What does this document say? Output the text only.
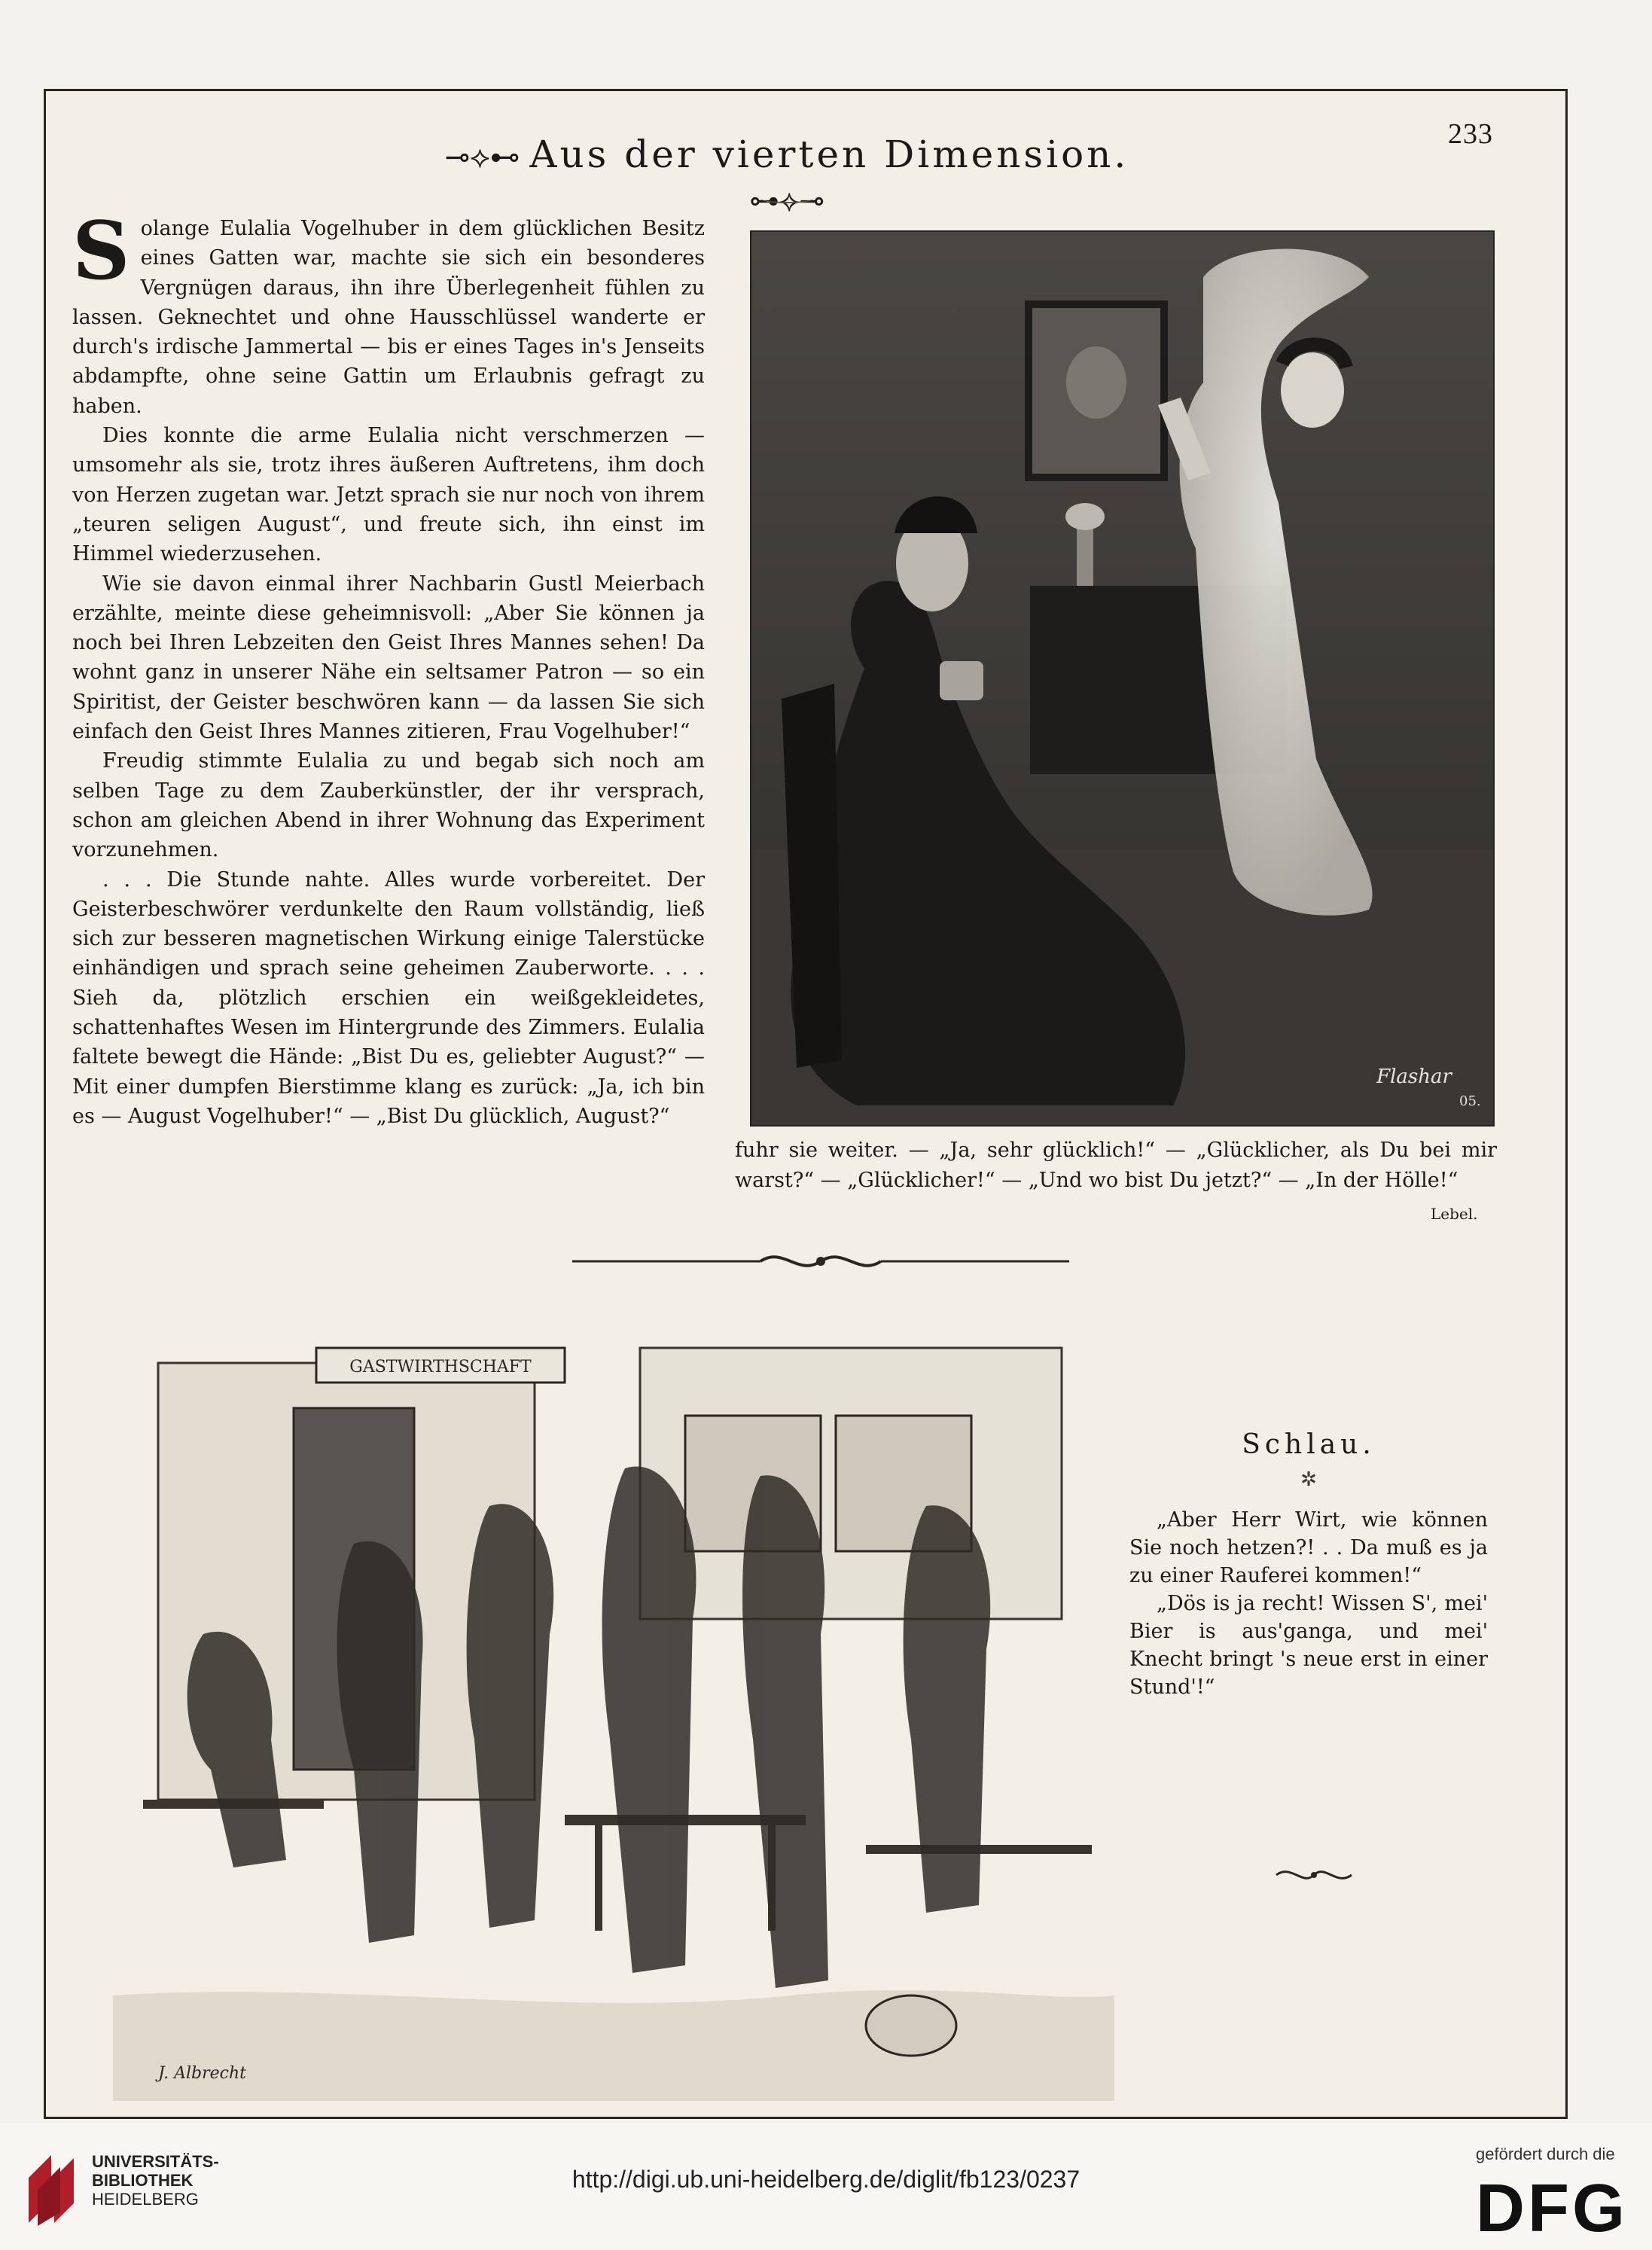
233
⊸⟡⊷ Aus der vierten Dimension. ⊶⟡⊸

Solange Eulalia Vogelhuber in dem glücklichen Besitz eines Gatten war, machte sie sich ein besonderes Vergnügen daraus, ihn ihre Überlegenheit fühlen zu lassen. Geknechtet und ohne Hausschlüssel wanderte er durch's irdische Jammertal — bis er eines Tages in's Jenseits abdampfte, ohne seine Gattin um Erlaubnis gefragt zu haben.

Dies konnte die arme Eulalia nicht verschmerzen — umsomehr als sie, trotz ihres äußeren Auftretens, ihm doch von Herzen zugetan war. Jetzt sprach sie nur noch von ihrem „teuren seligen August“, und freute sich, ihn einst im Himmel wiederzusehen.

Wie sie davon einmal ihrer Nachbarin Gustl Meierbach erzählte, meinte diese geheimnisvoll: „Aber Sie können ja noch bei Ihren Lebzeiten den Geist Ihres Mannes sehen! Da wohnt ganz in unserer Nähe ein seltsamer Patron — so ein Spiritist, der Geister beschwören kann — da lassen Sie sich einfach den Geist Ihres Mannes zitieren, Frau Vogelhuber!“

Freudig stimmte Eulalia zu und begab sich noch am selben Tage zu dem Zauberkünstler, der ihr versprach, schon am gleichen Abend in ihrer Wohnung das Experiment vorzunehmen.

. . . Die Stunde nahte. Alles wurde vorbereitet. Der Geisterbeschwörer verdunkelte den Raum vollständig, ließ sich zur besseren magnetischen Wirkung einige Talerstücke einhändigen und sprach seine geheimen Zauberworte. . . . Sieh da, plötzlich erschien ein weißgekleidetes, schattenhaftes Wesen im Hintergrunde des Zimmers. Eulalia faltete bewegt die Hände: „Bist Du es, geliebter August?“ — Mit einer dumpfen Bierstimme klang es zurück: „Ja, ich bin es — August Vogelhuber!“ — „Bist Du glücklich, August?“

Flashar
05.
fuhr sie weiter. — „Ja, sehr glücklich!“ — „Glücklicher, als Du bei mir warst?“ — „Glücklicher!“ — „Und wo bist Du jetzt?“ — „In der Hölle!“
Lebel.
GASTWIRTHSCHAFT
J. Albrecht
Schlau.
✲

„Aber Herr Wirt, wie können Sie noch hetzen?! . . Da muß es ja zu einer Rauferei kommen!“

„Dös is ja recht! Wissen S', mei' Bier is aus'ganga, und mei' Knecht bringt 's neue erst in einer Stund'!“

UNIVERSITÄTS-
BIBLIOTHEK
HEIDELBERG
http://digi.ub.uni-heidelberg.de/diglit/fb123/0237
gefördert durch die
DFG
